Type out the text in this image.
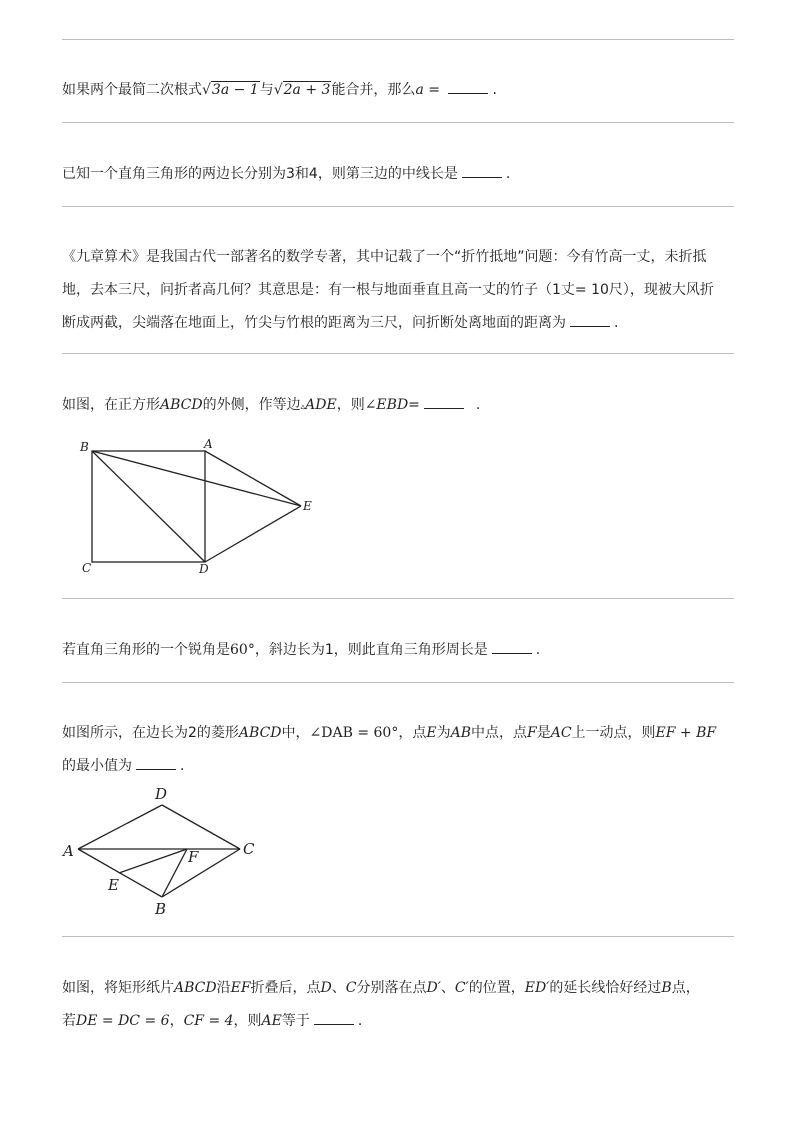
如果两个最简二次根式√3a − 1与√2a + 3能合并，那么a =	.
已知一个直角三角形的两边长分别为3和4，则第三边的中线长是	.
《九章算术》是我国古代一部著名的数学专著，其中记载了一个“折竹抵地”问题：今有竹高一丈，未折抵
地，去本三尺，问折者高几何？其意思是：有一根与地面垂直且高一丈的竹子（1丈= 10尺），现被大风折
断成两截，尖端落在地面上，竹尖与竹根的距离为三尺，问折断处离地面的距离为	.
如图，在正方形ABCD的外侧，作等边▵ADE，则∠EBD=	.
B	A
E
C	D
若直角三角形的一个锐角是60°，斜边长为1，则此直角三角形周长是	.
如图所示，在边长为2的菱形ABCD中，∠DAB = 60°，点E为AB中点，点F是AC上一动点，则EF + BF
的最小值为	.
D
A	C
F
E
B
如图，将矩形纸片ABCD沿EF折叠后，点D、C分别落在点D′、C′的位置，ED′的延长线恰好经过B点，
若DE = DC = 6，CF = 4，则AE等于	.
